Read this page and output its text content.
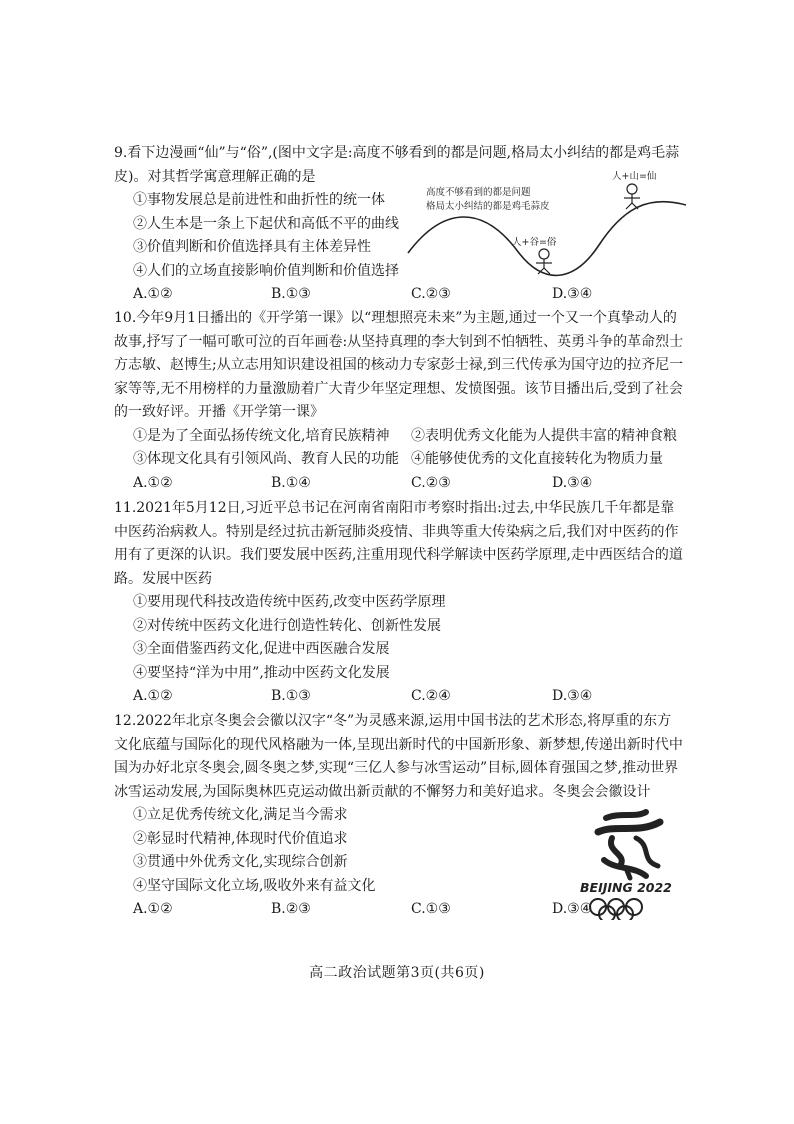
9.看下边漫画“仙”与“俗”,(图中文字是:高度不够看到的都是问题,格局太小纠结的都是鸡毛蒜皮)。对其哲学寓意理解正确的是

①事物发展总是前进性和曲折性的统一体

②人生本是一条上下起伏和高低不平的曲线

③价值判断和价值选择具有主体差异性

④人们的立场直接影响价值判断和价值选择

A.①②	B.①③	C.②③	D.③④
高度不够看到的都是问题
格局太小纠结的都是鸡毛蒜皮
人+山=仙
人+谷=俗

10.今年9月1日播出的《开学第一课》以“理想照亮未来”为主题,通过一个又一个真挚动人的故事,抒写了一幅可歌可泣的百年画卷:从坚持真理的李大钊到不怕牺牲、英勇斗争的革命烈士方志敏、赵博生;从立志用知识建设祖国的核动力专家彭士禄,到三代传承为国守边的拉齐尼一家等等,无不用榜样的力量激励着广大青少年坚定理想、发愤图强。该节目播出后,受到了社会的一致好评。开播《开学第一课》

①是为了全面弘扬传统文化,培育民族精神 ②表明优秀文化能为人提供丰富的精神食粮
③体现文化具有引领风尚、教育人民的功能 ④能够使优秀的文化直接转化为物质力量
A.①②	B.①④	C.②③	D.③④

11.2021年5月12日,习近平总书记在河南省南阳市考察时指出:过去,中华民族几千年都是靠中医药治病救人。特别是经过抗击新冠肺炎疫情、非典等重大传染病之后,我们对中医药的作用有了更深的认识。我们要发展中医药,注重用现代科学解读中医药学原理,走中西医结合的道路。发展中医药

①要用现代科技改造传统中医药,改变中医药学原理

②对传统中医药文化进行创造性转化、创新性发展

③全面借鉴西药文化,促进中西医融合发展

④要坚持“洋为中用”,推动中医药文化发展

A.①②	B.①③	C.②④	D.③④

12.2022年北京冬奥会会徽以汉字“冬”为灵感来源,运用中国书法的艺术形态,将厚重的东方文化底蕴与国际化的现代风格融为一体,呈现出新时代的中国新形象、新梦想,传递出新时代中国为办好北京冬奥会,圆冬奥之梦,实现“三亿人参与冰雪运动”目标,圆体育强国之梦,推动世界冰雪运动发展,为国际奥林匹克运动做出新贡献的不懈努力和美好追求。冬奥会会徽设计

①立足优秀传统文化,满足当今需求

②彰显时代精神,体现时代价值追求

③贯通中外优秀文化,实现综合创新

④坚守国际文化立场,吸收外来有益文化

A.①②	B.②③	C.①③	D.③④
BEIJING 2022
高二政治试题第3页(共6页)
